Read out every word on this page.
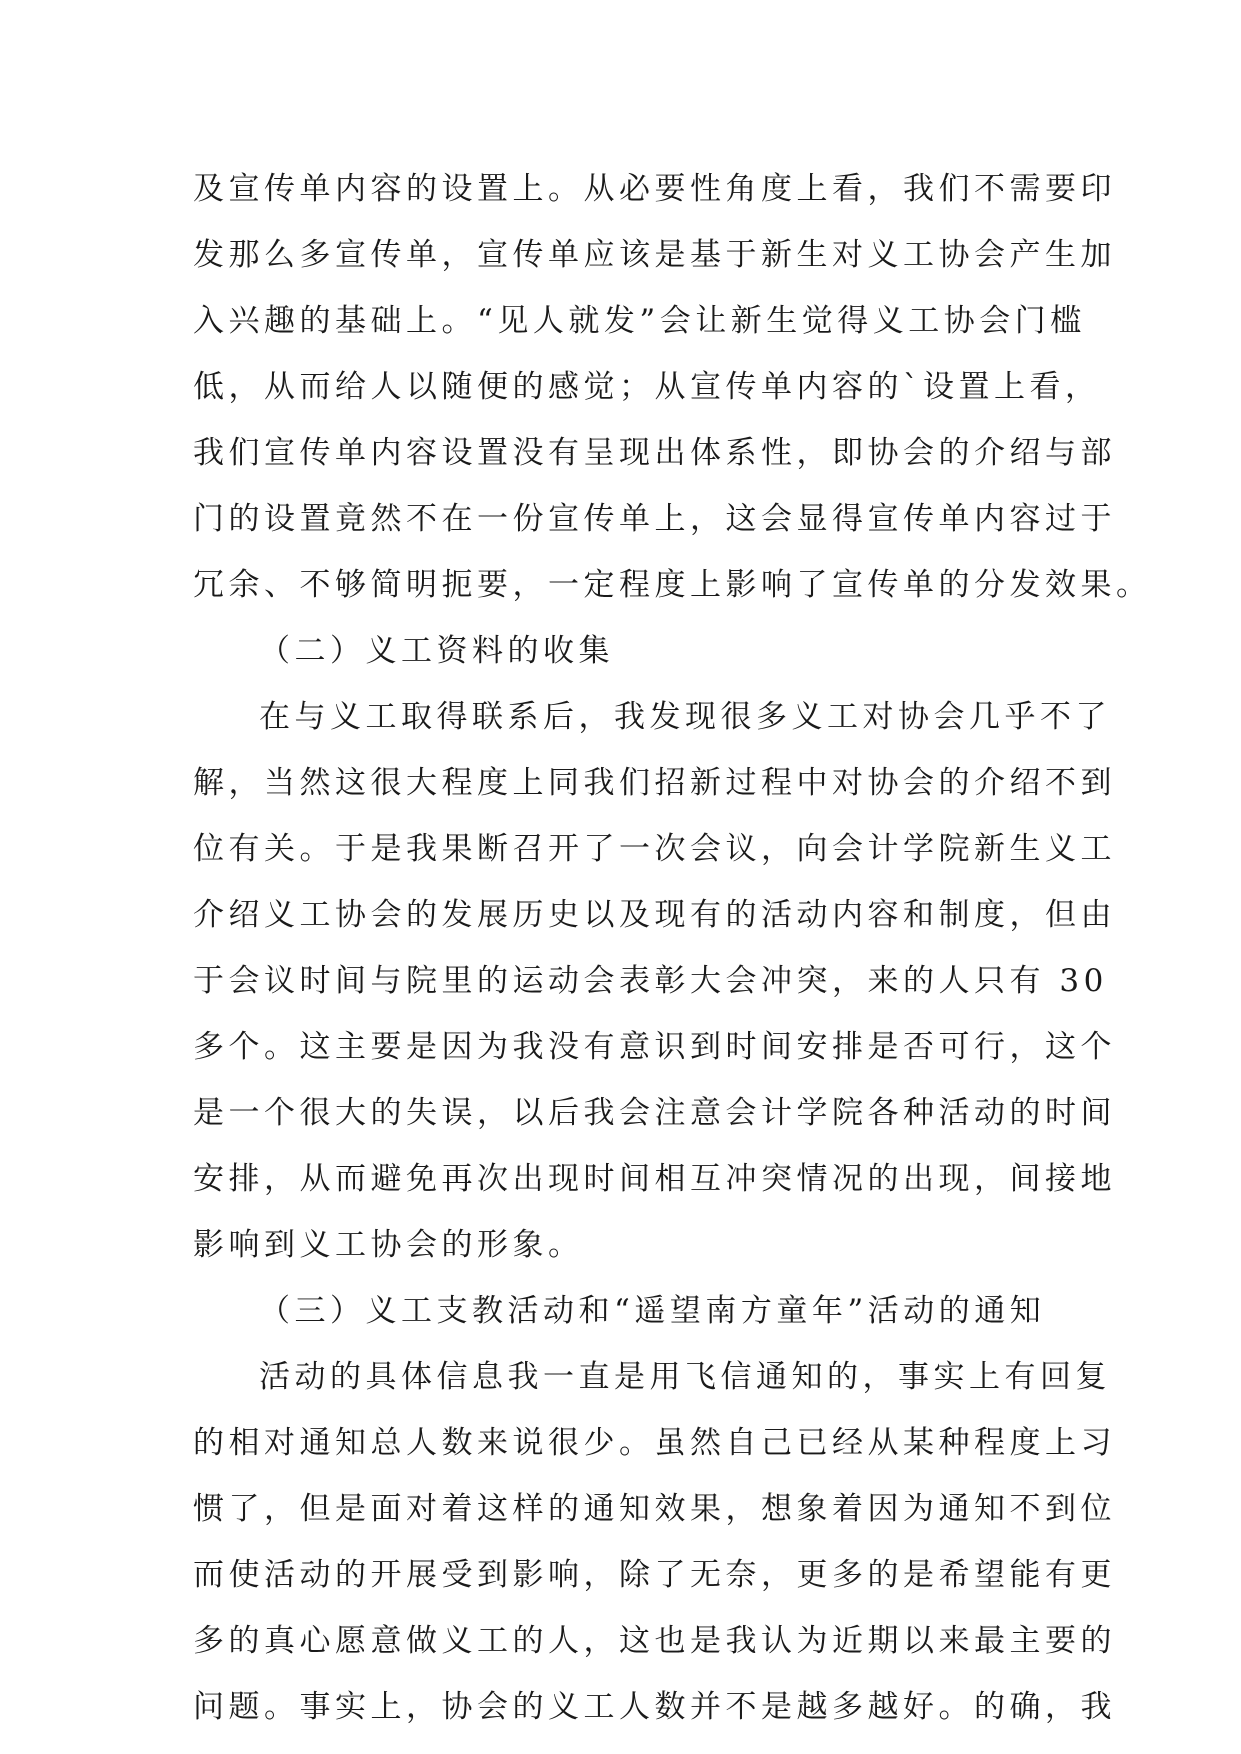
及宣传单内容的设置上。从必要性角度上看，我们不需要印
发那么多宣传单，宣传单应该是基于新生对义工协会产生加
入兴趣的基础上。“见人就发”会让新生觉得义工协会门槛
低，从而给人以随便的感觉；从宣传单内容的`设置上看，
我们宣传单内容设置没有呈现出体系性，即协会的介绍与部
门的设置竟然不在一份宣传单上，这会显得宣传单内容过于
冗余、不够简明扼要，一定程度上影响了宣传单的分发效果。
（二）义工资料的收集
在与义工取得联系后，我发现很多义工对协会几乎不了
解，当然这很大程度上同我们招新过程中对协会的介绍不到
位有关。于是我果断召开了一次会议，向会计学院新生义工
介绍义工协会的发展历史以及现有的活动内容和制度，但由
于会议时间与院里的运动会表彰大会冲突，来的人只有 30
多个。这主要是因为我没有意识到时间安排是否可行，这个
是一个很大的失误，以后我会注意会计学院各种活动的时间
安排，从而避免再次出现时间相互冲突情况的出现，间接地
影响到义工协会的形象。
（三）义工支教活动和“遥望南方童年”活动的通知
活动的具体信息我一直是用飞信通知的，事实上有回复
的相对通知总人数来说很少。虽然自己已经从某种程度上习
惯了，但是面对着这样的通知效果，想象着因为通知不到位
而使活动的开展受到影响，除了无奈，更多的是希望能有更
多的真心愿意做义工的人，这也是我认为近期以来最主要的
问题。事实上，协会的义工人数并不是越多越好。的确，我
